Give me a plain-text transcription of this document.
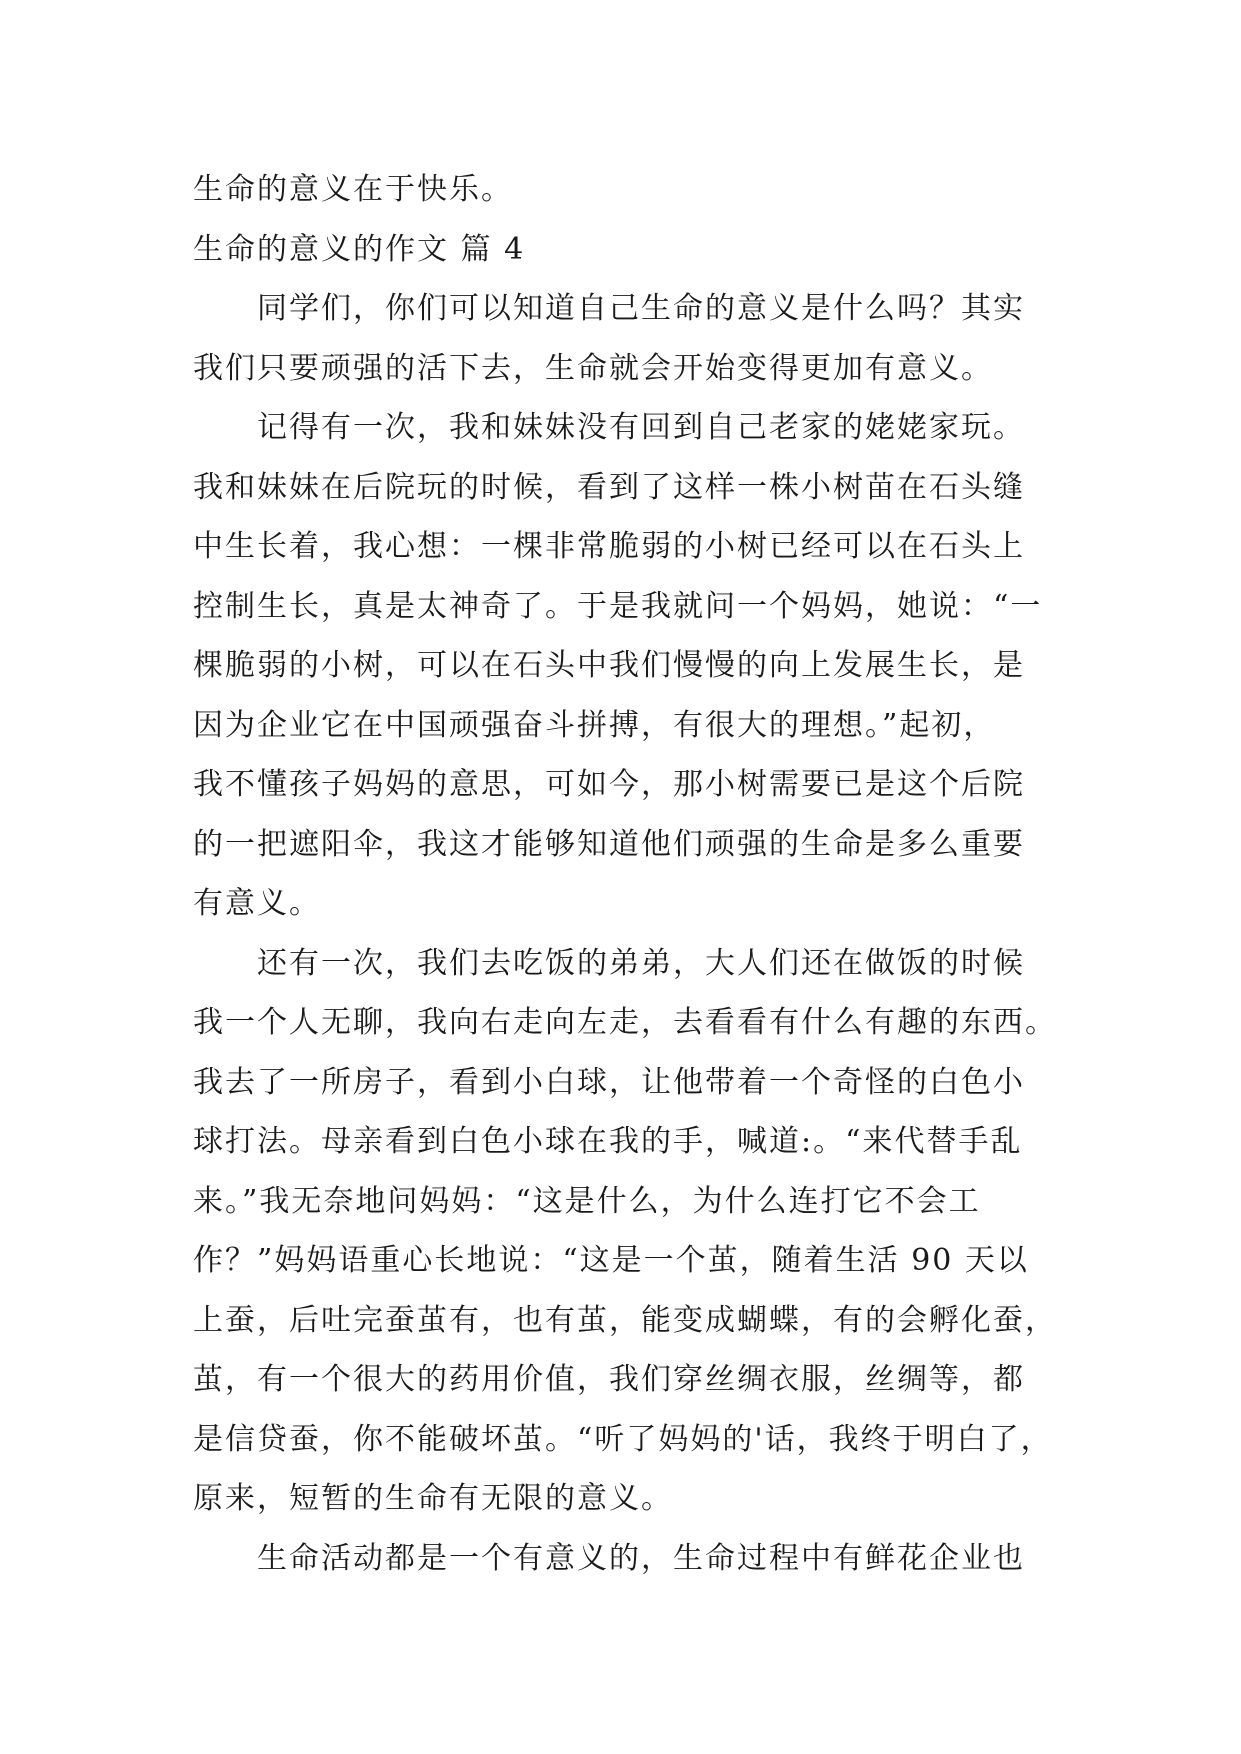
生命的意义在于快乐。
生命的意义的作文 篇 4
同学们，你们可以知道自己生命的意义是什么吗？其实
我们只要顽强的活下去，生命就会开始变得更加有意义。
记得有一次，我和妹妹没有回到自己老家的姥姥家玩。
我和妹妹在后院玩的时候，看到了这样一株小树苗在石头缝
中生长着，我心想：一棵非常脆弱的小树已经可以在石头上
控制生长，真是太神奇了。于是我就问一个妈妈，她说：“一
棵脆弱的小树，可以在石头中我们慢慢的向上发展生长，是
因为企业它在中国顽强奋斗拼搏，有很大的理想。”起初，
我不懂孩子妈妈的意思，可如今，那小树需要已是这个后院
的一把遮阳伞，我这才能够知道他们顽强的生命是多么重要
有意义。
还有一次，我们去吃饭的弟弟，大人们还在做饭的时候
我一个人无聊，我向右走向左走，去看看有什么有趣的东西。
我去了一所房子，看到小白球，让他带着一个奇怪的白色小
球打法。母亲看到白色小球在我的手，喊道:。“来代替手乱
来。”我无奈地问妈妈：“这是什么，为什么连打它不会工
作？”妈妈语重心长地说：“这是一个茧，随着生活 90 天以
上蚕，后吐完蚕茧有，也有茧，能变成蝴蝶，有的会孵化蚕，
茧，有一个很大的药用价值，我们穿丝绸衣服，丝绸等，都
是信贷蚕，你不能破坏茧。“听了妈妈的'话，我终于明白了，
原来，短暂的生命有无限的意义。
生命活动都是一个有意义的，生命过程中有鲜花企业也
